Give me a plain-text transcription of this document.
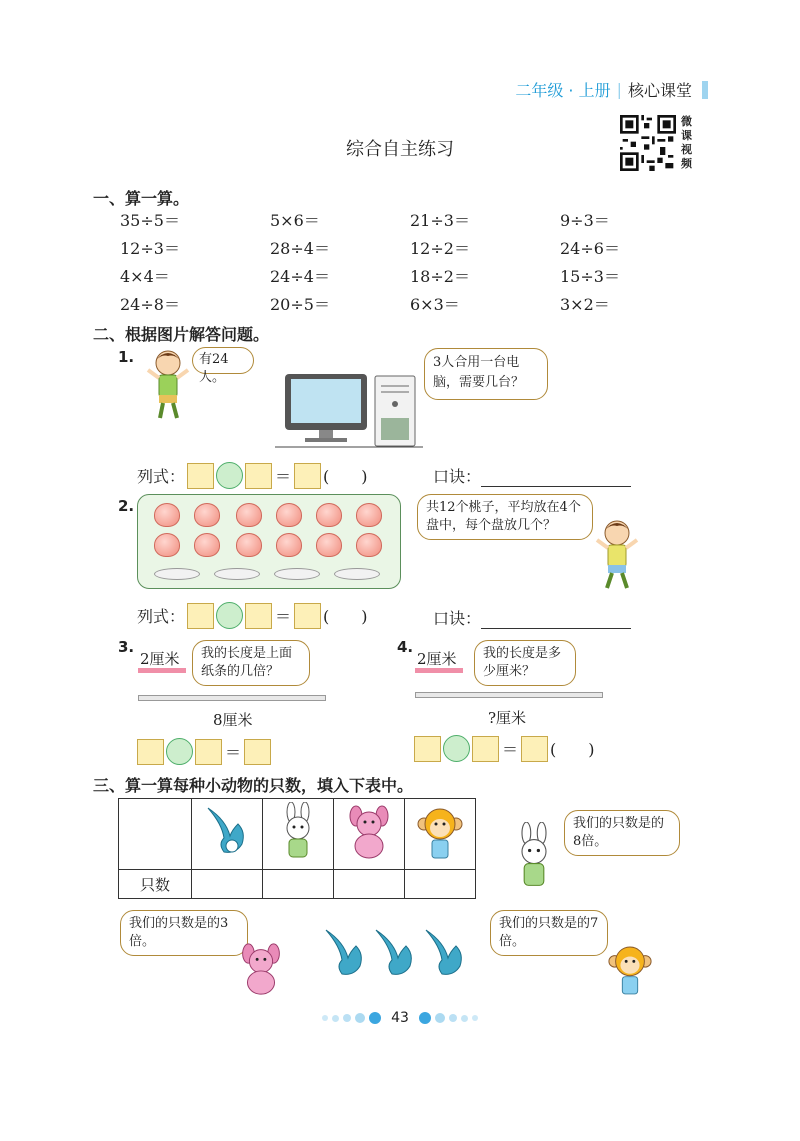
二年级 · 上册 | 核心课堂
综合自主练习
微
课
视
频
一、算一算。
35÷5＝	5×6＝	21÷3＝	9÷3＝
12÷3＝	28÷4＝	12÷2＝	24÷6＝
4×4＝	24÷4＝	18÷2＝	15÷3＝
24÷8＝	20÷5＝	6×3＝	3×2＝
二、根据图片解答问题。
1.	有24人。
3人合用一台电脑，需要几台？
列式：	＝ (　　)	口诀：
2.	共12个桃子，平均放在4个盘中，每个盘放几个？
列式：	＝ (　　)	口诀：
3.
2厘米	我的长度是上面纸条的几倍？
8厘米
＝
4.
2厘米	我的长度是多少厘米？
?厘米
＝ (　　)
三、算一算每种小动物的只数，填入下表中。

只数				
我们的只数是的8倍。
我们的只数是的3倍。
我们的只数是的7倍。
43
